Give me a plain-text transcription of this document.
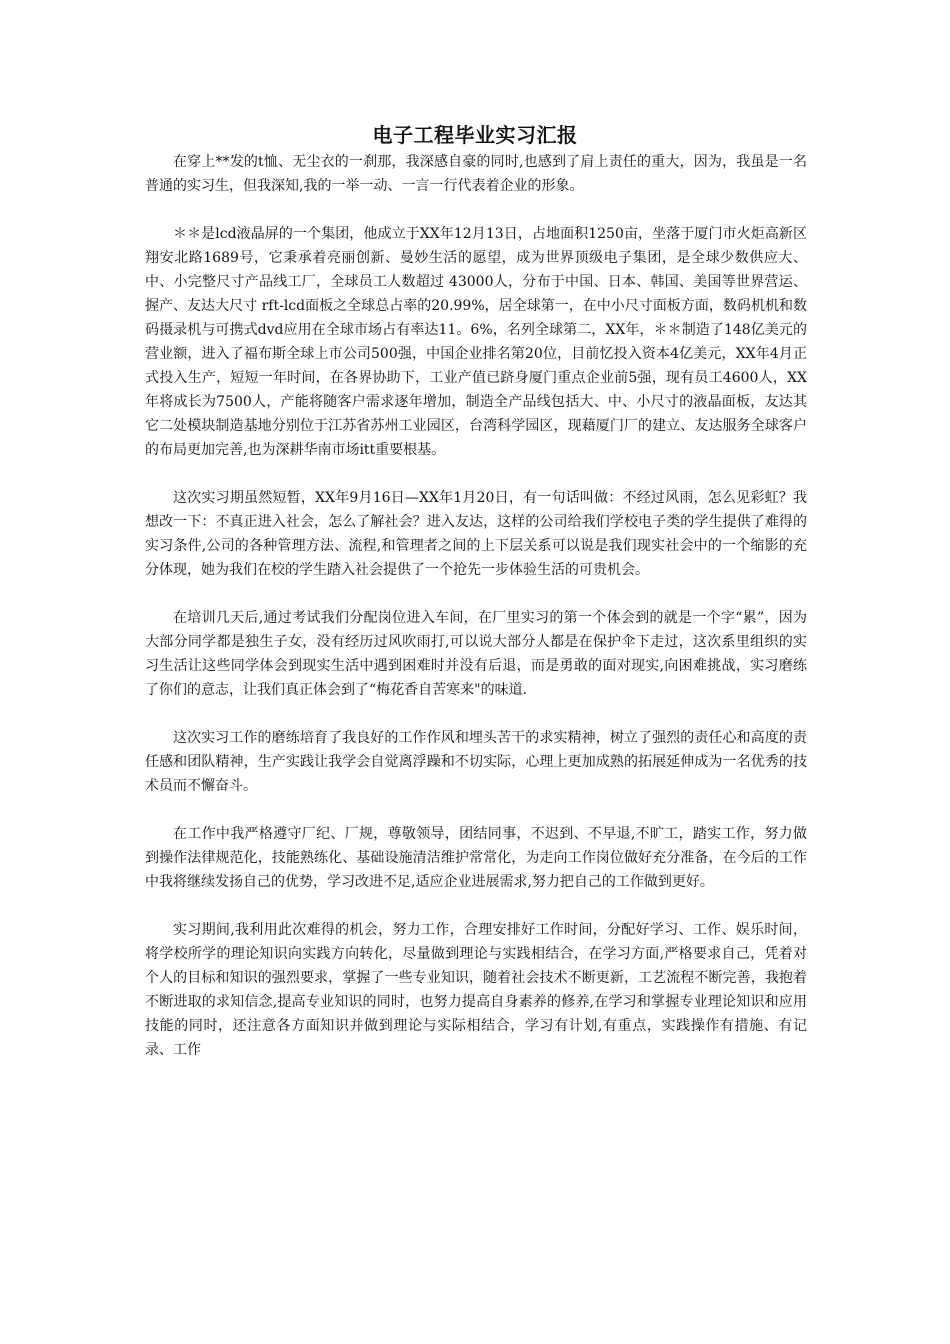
电子工程毕业实习汇报

在穿上**发的t恤、无尘衣的一刹那，我深感自豪的同时,也感到了肩上责任的重大，因为，我虽是一名普通的实习生，但我深知,我的一举一动、一言一行代表着企业的形象。

＊＊是lcd液晶屏的一个集团，他成立于XX年12月13日，占地面积1250亩，坐落于厦门市火炬高新区翔安北路1689号，它秉承着亮丽创新、曼妙生活的愿望，成为世界顶级电子集团，是全球少数供应大、中、小完整尺寸产品线工厂，全球员工人数超过 43000人，分布于中国、日本、韩国、美国等世界营运、握产、友达大尺寸 rft-lcd面板之全球总占率的20.99%，居全球第一，在中小尺寸面板方面，数码机机和数码摄录机与可携式dvd应用在全球市场占有率达11。6%，名列全球第二，XX年，＊＊制造了148亿美元的营业额，进入了福布斯全球上市公司500强，中国企业排名第20位，目前忆投入资本4亿美元，XX年4月正式投入生产，短短一年时间，在各界协助下，工业产值已跻身厦门重点企业前5强，现有员工4600人，XX年将成长为7500人，产能将随客户需求逐年增加，制造全产品线包括大、中、小尺寸的液晶面板，友达其它二处模块制造基地分别位于江苏省苏州工业园区，台湾科学园区，现藉厦门厂的建立、友达服务全球客户的布局更加完善,也为深耕华南市场itt重要根基。

这次实习期虽然短暂，XX年9月16日—XX年1月20日，有一句话叫做：不经过风雨，怎么见彩虹？我想改一下：不真正进入社会，怎么了解社会？进入友达，这样的公司给我们学校电子类的学生提供了难得的实习条件,公司的各种管理方法、流程,和管理者之间的上下层关系可以说是我们现实社会中的一个缩影的充分体现，她为我们在校的学生踏入社会提供了一个抢先一步体验生活的可贵机会。

在培训几天后,通过考试我们分配岗位进入车间，在厂里实习的第一个体会到的就是一个字“累”，因为大部分同学都是独生子女，没有经历过风吹雨打,可以说大部分人都是在保护伞下走过，这次系里组织的实习生活让这些同学体会到现实生活中遇到困难时并没有后退，而是勇敢的面对现实,向困难挑战，实习磨练了你们的意志，让我们真正体会到了“梅花香自苦寒来"的味道.

这次实习工作的磨练培育了我良好的工作作风和埋头苦干的求实精神，树立了强烈的责任心和高度的责任感和团队精神，生产实践让我学会自觉离浮躁和不切实际，心理上更加成熟的拓展延伸成为一名优秀的技术员而不懈奋斗。

在工作中我严格遵守厂纪、厂规，尊敬领导，团结同事，不迟到、不早退,不旷工，踏实工作，努力做到操作法律规范化，技能熟练化、基础设施清洁维护常常化，为走向工作岗位做好充分准备，在今后的工作中我将继续发扬自己的优势，学习改进不足,适应企业进展需求,努力把自己的工作做到更好。

实习期间,我利用此次难得的机会，努力工作，合理安排好工作时间，分配好学习、工作、娱乐时间，将学校所学的理论知识向实践方向转化，尽量做到理论与实践相结合，在学习方面,严格要求自己，凭着对个人的目标和知识的强烈要求，掌握了一些专业知识，随着社会技术不断更新，工艺流程不断完善，我抱着不断进取的求知信念,提高专业知识的同时，也努力提高自身素养的修养,在学习和掌握专业理论知识和应用技能的同时，还注意各方面知识并做到理论与实际相结合，学习有计划,有重点，实践操作有措施、有记录、工作
